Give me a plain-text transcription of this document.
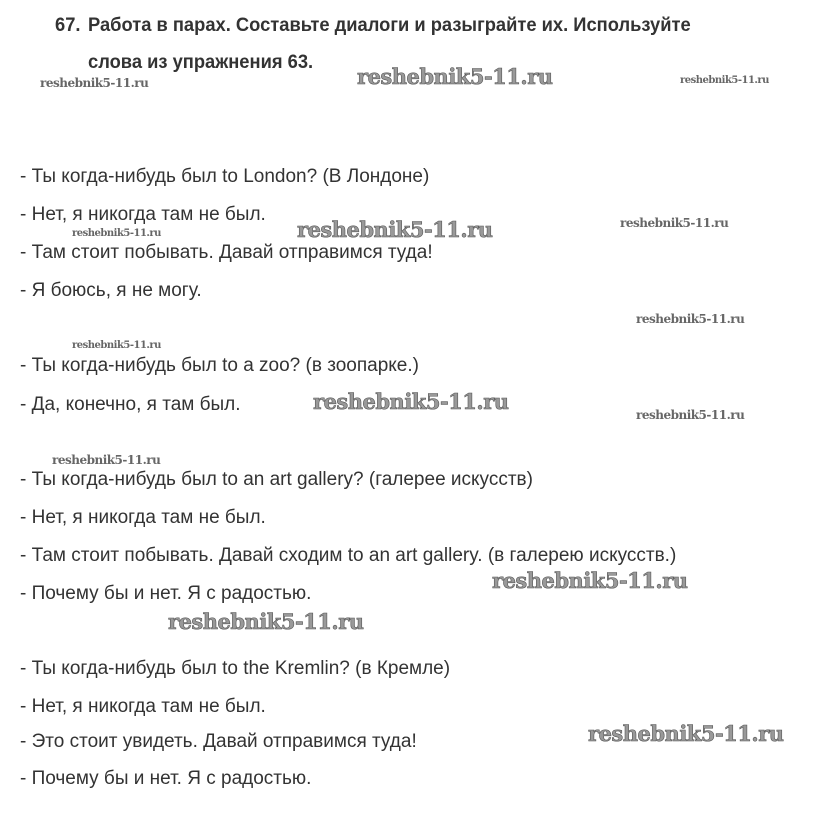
67. Работа в парах. Составьте диалоги и разыграйте их. Используйте
слова из упражнения 63.
- Ты когда-нибудь был to London? (В Лондоне)
- Нет, я никогда там не был.
- Там стоит побывать. Давай отправимся туда!
- Я боюсь, я не могу.
- Ты когда-нибудь был to a zoo? (в зоопарке.)
- Да, конечно, я там был.
- Ты когда-нибудь был to an art gallery? (галерее искусств)
- Нет, я никогда там не был.
- Там стоит побывать. Давай сходим to an art gallery. (в галерею искусств.)
- Почему бы и нет. Я с радостью.
- Ты когда-нибудь был to the Kremlin? (в Кремле)
- Нет, я никогда там не был.
- Это стоит увидеть. Давай отправимся туда!
- Почему бы и нет. Я с радостью.
reshebnik5-11.ru	reshebnik5-11.ru	reshebnik5-11.ru
reshebnik5-11.ru	reshebnik5-11.ru
reshebnik5-11.ru
reshebnik5-11.ru
reshebnik5-11.ru
reshebnik5-11.ru
reshebnik5-11.ru
reshebnik5-11.ru
reshebnik5-11.ru
reshebnik5-11.ru
reshebnik5-11.ru
